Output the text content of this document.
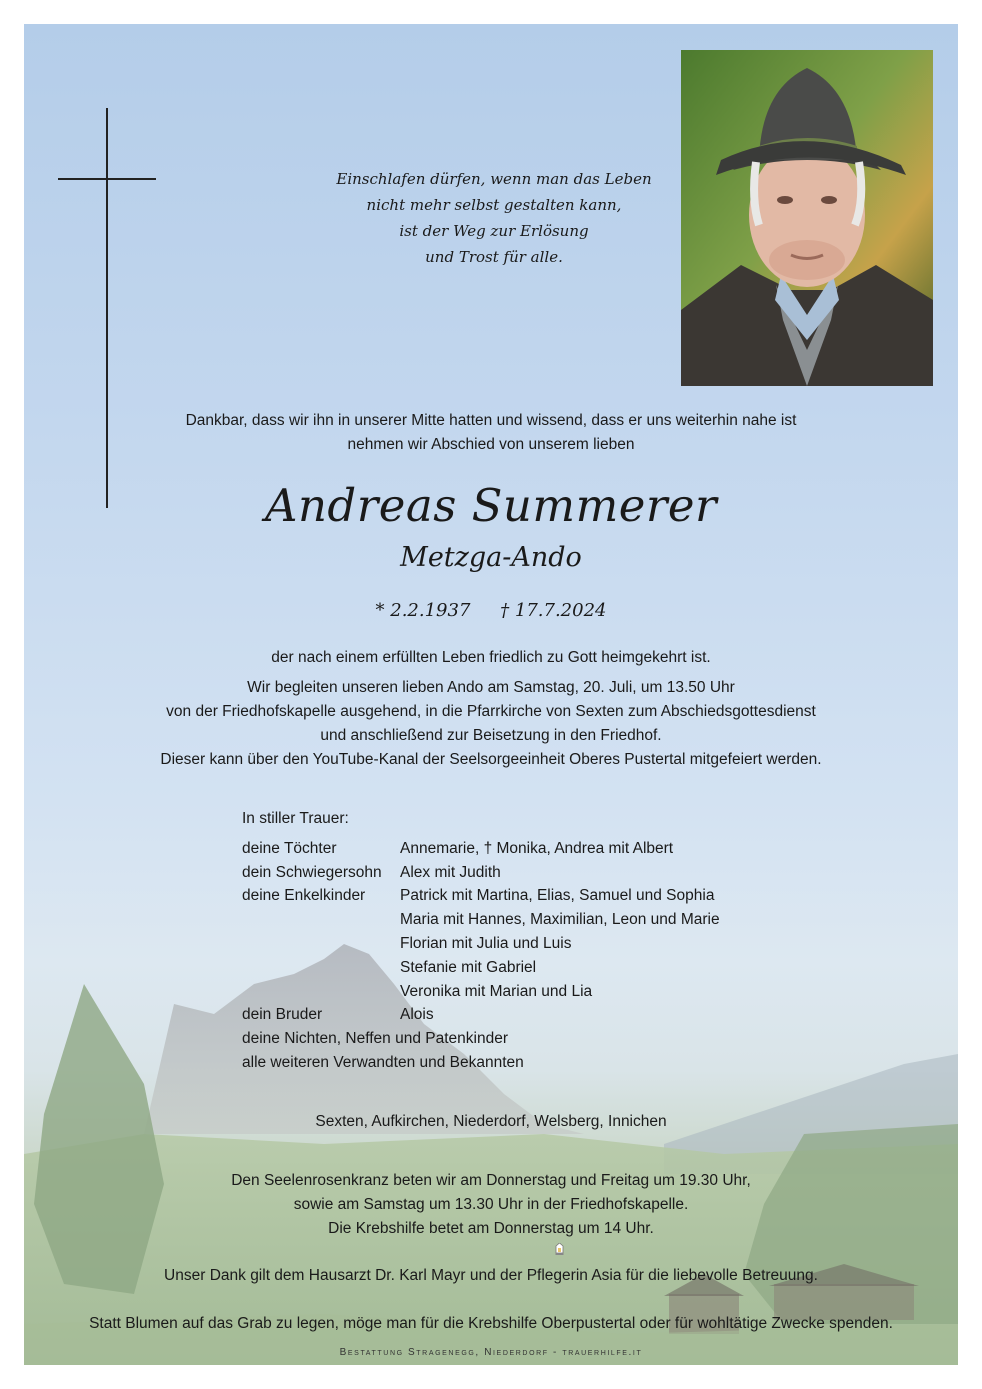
Einschlafen dürfen, wenn man das Leben

nicht mehr selbst gestalten kann,

ist der Weg zur Erlösung

und Trost für alle.

Dankbar, dass wir ihn in unserer Mitte hatten und wissend, dass er uns weiterhin nahe ist

nehmen wir Abschied von unserem lieben

Andreas Summerer
Metzga-Ando
* 2.2.1937 † 17.7.2024

der nach einem erfüllten Leben friedlich zu Gott heimgekehrt ist.

Wir begleiten unseren lieben Ando am Samstag, 20. Juli, um 13.50 Uhr

von der Friedhofskapelle ausgehend, in die Pfarrkirche von Sexten zum Abschiedsgottesdienst

und anschließend zur Beisetzung in den Friedhof.

Dieser kann über den YouTube-Kanal der Seelsorgeeinheit Oberes Pustertal mitgefeiert werden.

In stiller Trauer:
deine Töchter	Annemarie, † Monika, Andrea mit Albert
dein Schwiegersohn	Alex mit Judith
deine Enkelkinder	Patrick mit Martina, Elias, Samuel und Sophia
Maria mit Hannes, Maximilian, Leon und Marie
Florian mit Julia und Luis
Stefanie mit Gabriel
Veronika mit Marian und Lia
dein Bruder	Alois
deine Nichten, Neffen und Patenkinder
alle weiteren Verwandten und Bekannten
Sexten, Aufkirchen, Niederdorf, Welsberg, Innichen

Den Seelenrosenkranz beten wir am Donnerstag und Freitag um 19.30 Uhr,

sowie am Samstag um 13.30 Uhr in der Friedhofskapelle.

Die Krebshilfe betet am Donnerstag um 14 Uhr.

Unser Dank gilt dem Hausarzt Dr. Karl Mayr und der Pflegerin Asia für die liebevolle Betreuung.
Statt Blumen auf das Grab zu legen, möge man für die Krebshilfe Oberpustertal oder für wohltätige Zwecke spenden.
Bestattung Stragenegg, Niederdorf - trauerhilfe.it
